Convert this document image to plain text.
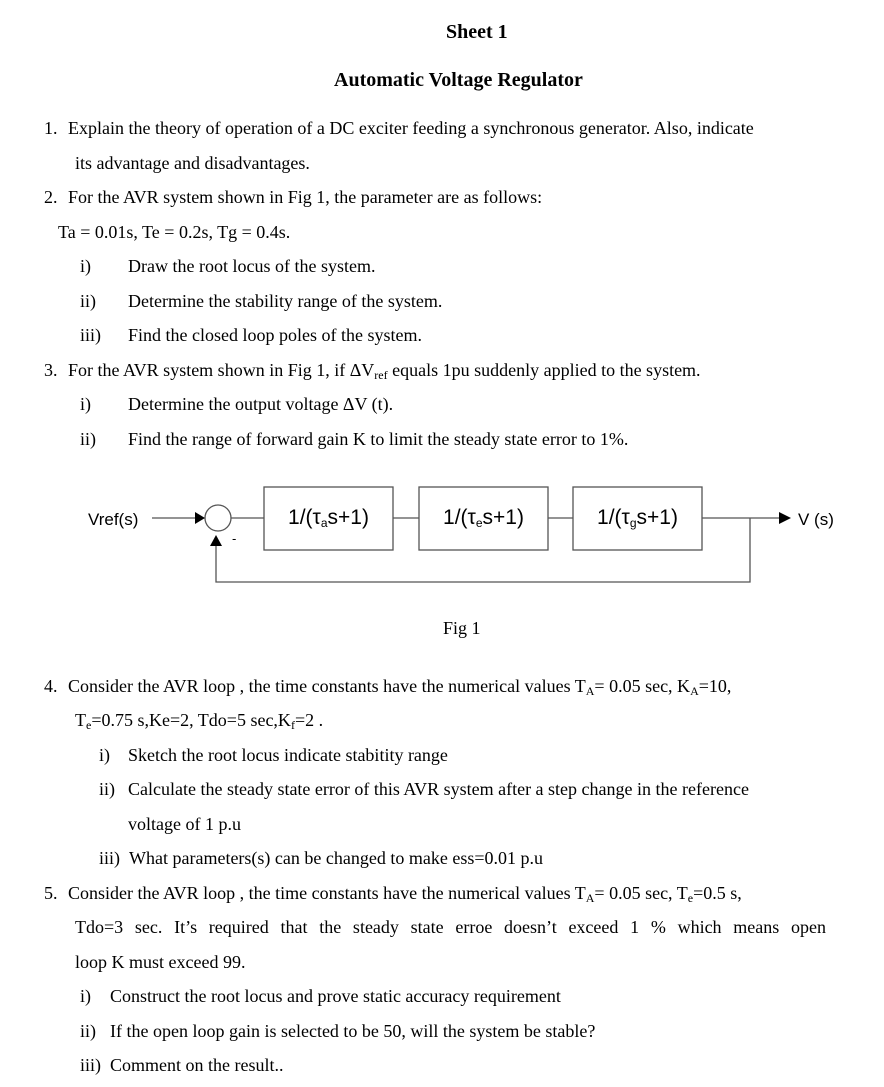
Sheet 1
Automatic Voltage Regulator
1. Explain the theory of operation of a DC exciter feeding a synchronous generator. Also, indicate
its advantage and disadvantages.
2. For the AVR system shown in Fig 1, the parameter are as follows:
Ta = 0.01s, Te = 0.2s, Tg = 0.4s.
i) Draw the root locus of the system.
ii) Determine the stability range of the system.
iii) Find the closed loop poles of the system.
3. For the AVR system shown in Fig 1, if $\Delta V_{ref}$ equals 1pu suddenly applied to the system.
i) Determine the output voltage ΔV (t).
ii) Find the range of forward gain K to limit the steady state error to 1%.
Vref(s)	V (s)
-
$1/(\tau_as+1)$	$1/(\tau_es+1)$	$1/(\tau_gs+1)$
Fig 1
4. Consider the AVR loop , the time constants have the numerical values $T_A= 0.05$ sec, $K_A=10$,
$T_e=0.75$ s,Ke=2, Tdo=5 $\sec,K_f=2$ .
i) Sketch the root locus indicate stabitity range
ii) Calculate the steady state error of this AVR system after a step change in the reference
voltage of 1 p.u
iii) What parameters(s) can be changed to make ess=0.01 p.u
5. Consider the AVR loop , the time constants have the numerical values $T_A= 0.05$ sec, $T_e=0.5$ s,
Tdo=3 sec. It’s required that the steady state erroe doesn’t exceed 1 % which means open
loop K must exceed 99.
i) Construct the root locus and prove static accuracy requirement
ii) If the open loop gain is selected to be 50, will the system be stable?
iii) Comment on the result..
